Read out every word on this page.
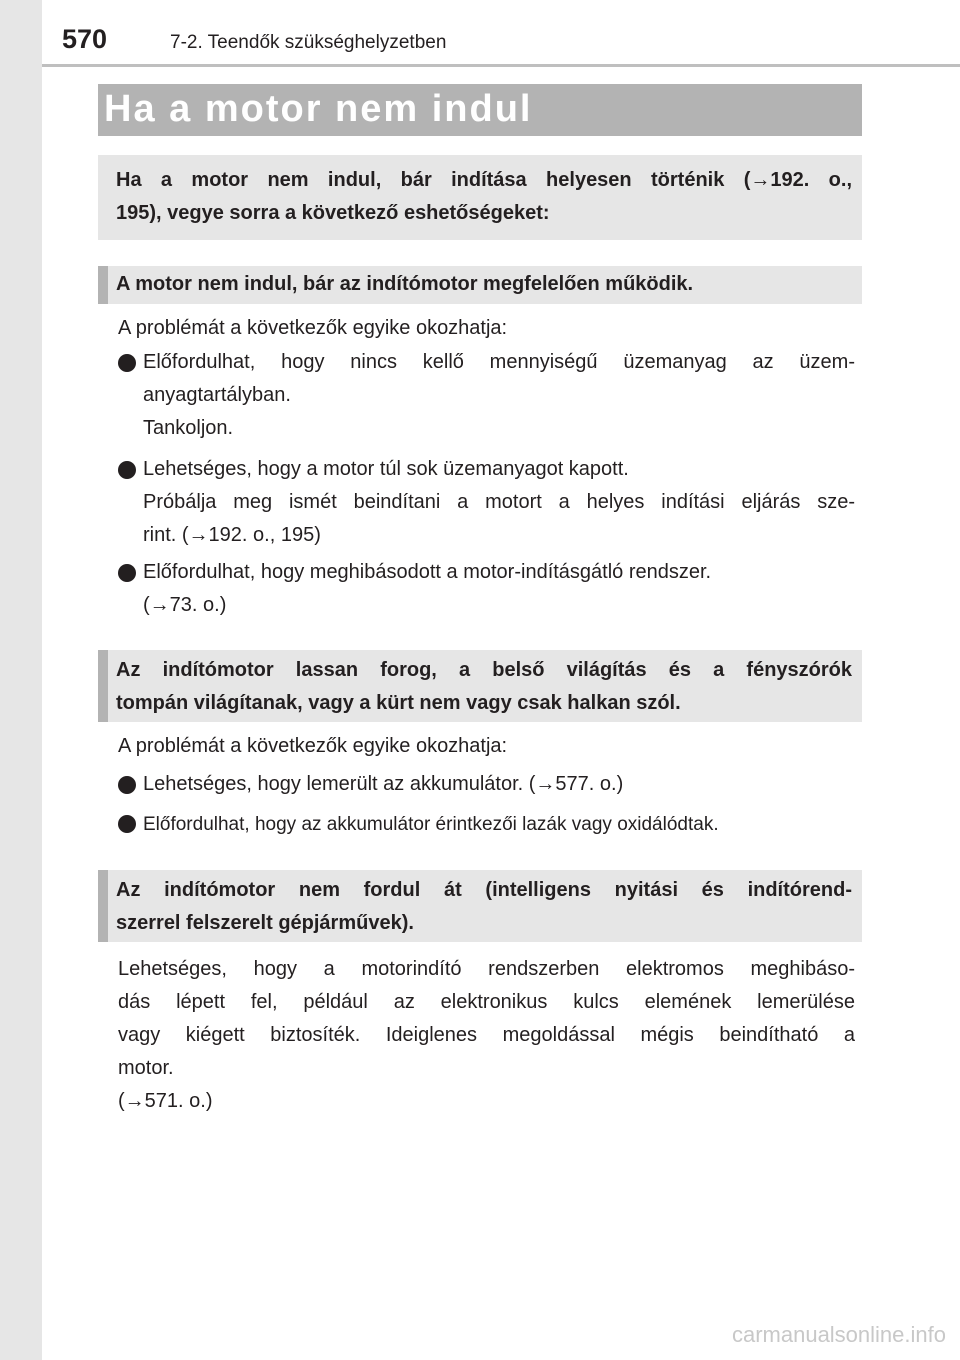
570	7-2. Teendők szükséghelyzetben
Ha a motor nem indul
Ha a motor nem indul, bár indítása helyesen történik (→192. o.,
195), vegye sorra a következő eshetőségeket:
A motor nem indul, bár az indítómotor megfelelően működik.
A problémát a következők egyike okozhatja:
Előfordulhat, hogy nincs kellő mennyiségű üzemanyag az üzem-
anyagtartályban.
Tankoljon.
Lehetséges, hogy a motor túl sok üzemanyagot kapott.
Próbálja meg ismét beindítani a motort a helyes indítási eljárás sze-
rint. (→192. o., 195)
Előfordulhat, hogy meghibásodott a motor-indításgátló rendszer.
(→73. o.)
Az indítómotor lassan forog, a belső világítás és a fényszórók
tompán világítanak, vagy a kürt nem vagy csak halkan szól.
A problémát a következők egyike okozhatja:
Lehetséges, hogy lemerült az akkumulátor. (→577. o.)
Előfordulhat, hogy az akkumulátor érintkezői lazák vagy oxidálódtak.
Az indítómotor nem fordul át (intelligens nyitási és indítórend-
szerrel felszerelt gépjárművek).
Lehetséges, hogy a motorindító rendszerben elektromos meghibáso-
dás lépett fel, például az elektronikus kulcs elemének lemerülése
vagy kiégett biztosíték. Ideiglenes megoldással mégis beindítható a
motor.
(→571. o.)
carmanualsonline.info
